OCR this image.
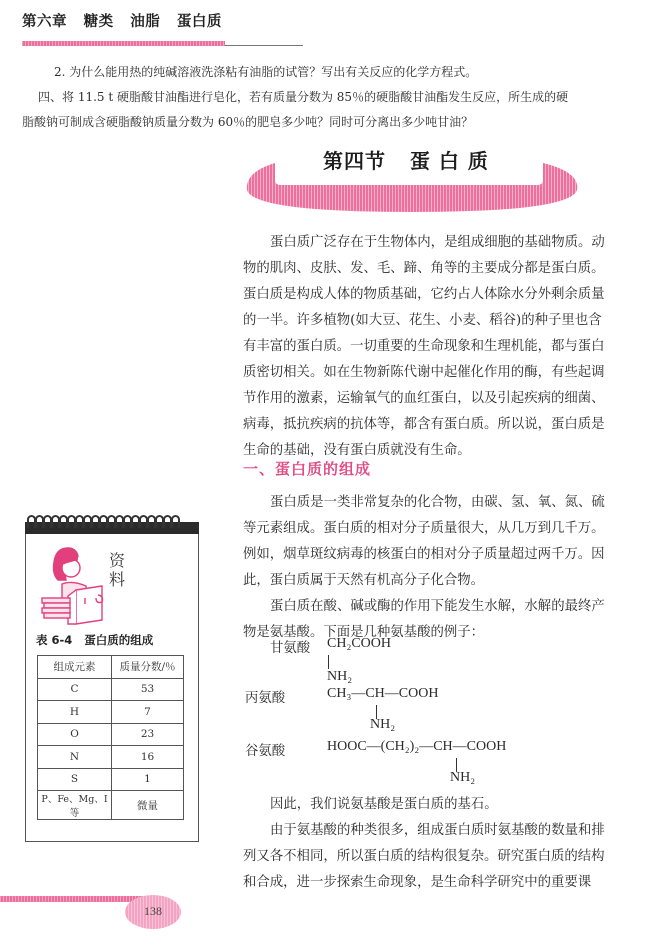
第六章   糖类   油脂   蛋白质
2. 为什么能用热的纯碱溶液洗涤粘有油脂的试管？写出有关反应的化学方程式。
四、将 11.5 t 硬脂酸甘油酯进行皂化，若有质量分数为 85％的硬脂酸甘油酯发生反应，所生成的硬
脂酸钠可制成含硬脂酸钠质量分数为 60％的肥皂多少吨？同时可分离出多少吨甘油？
第四节   蛋 白 质

蛋白质广泛存在于生物体内，是组成细胞的基础物质。动

物的肌肉、皮肤、发、毛、蹄、角等的主要成分都是蛋白质。

蛋白质是构成人体的物质基础，它约占人体除水分外剩余质量

的一半。许多植物(如大豆、花生、小麦、稻谷)的种子里也含

有丰富的蛋白质。一切重要的生命现象和生理机能，都与蛋白

质密切相关。如在生物新陈代谢中起催化作用的酶，有些起调

节作用的激素，运输氧气的血红蛋白，以及引起疾病的细菌、

病毒，抵抗疾病的抗体等，都含有蛋白质。所以说，蛋白质是

生命的基础，没有蛋白质就没有生命。

一、蛋白质的组成

蛋白质是一类非常复杂的化合物，由碳、氢、氧、氮、硫

等元素组成。蛋白质的相对分子质量很大，从几万到几千万。

例如，烟草斑纹病毒的核蛋白的相对分子质量超过两千万。因

此，蛋白质属于天然有机高分子化合物。

蛋白质在酸、碱或酶的作用下能发生水解，水解的最终产

物是氨基酸。下面是几种氨基酸的例子：

甘氨酸 CH₂COOH
NH₂
丙氨酸	CH₃—CH—COOH
NH₂
谷氨酸	HOOC—(CH₂)₂—CH—COOH
NH₂

因此，我们说氨基酸是蛋白质的基石。

由于氨基酸的种类很多，组成蛋白质时氨基酸的数量和排

列又各不相同，所以蛋白质的结构很复杂。研究蛋白质的结构

和合成，进一步探索生命现象，是生命科学研究中的重要课

资
料
表 6-4   蛋白质的组成
组成元素	质量分数/％
C	53
H	7
O	23
N	16
S	1
P、Fe、Mg、I 等	微量
138
